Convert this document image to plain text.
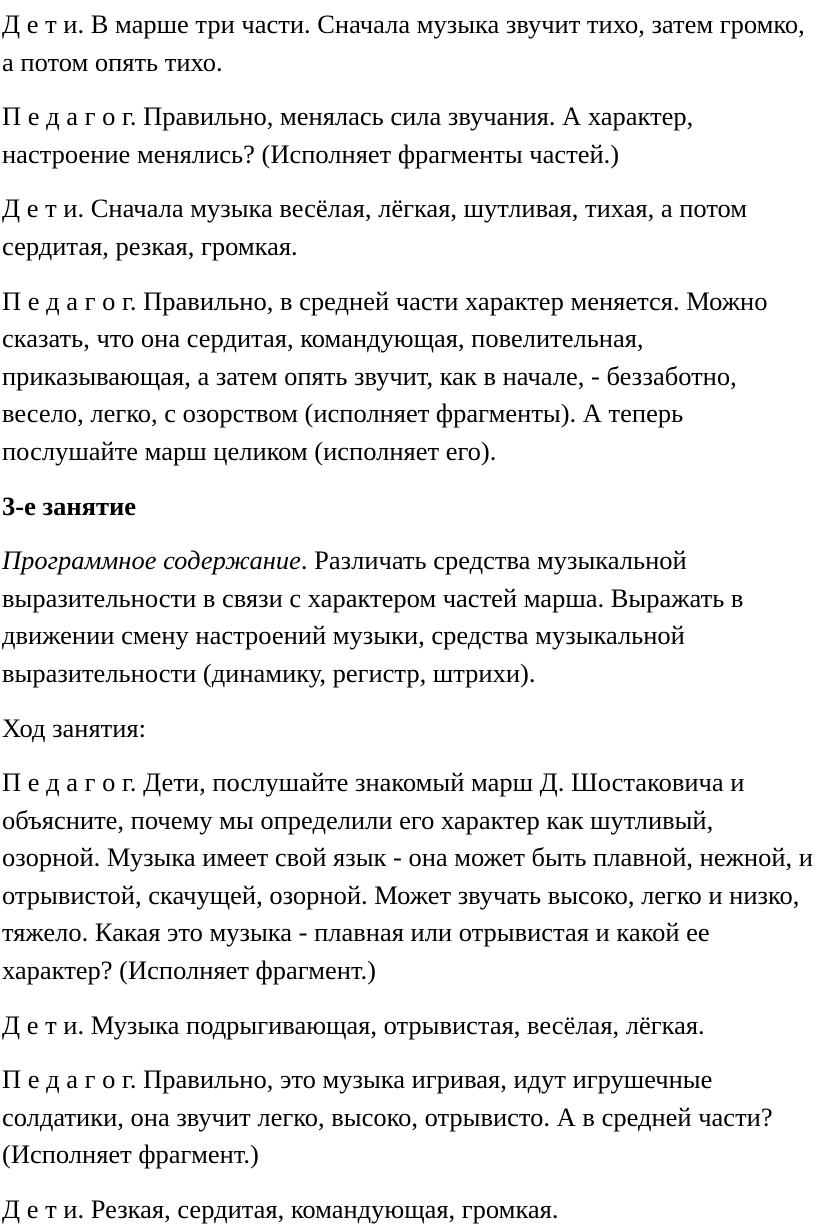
Д е т и. В марше три части. Сначала музыка звучит тихо, затем громко, а потом опять тихо.

П е д а г о г. Правильно, менялась сила звучания. А характер, настроение менялись? (Исполняет фрагменты частей.)

Д е т и. Сначала музыка весёлая, лёгкая, шутливая, тихая, а потом сердитая, резкая, громкая.

П е д а г о г. Правильно, в средней части характер меняется. Можно сказать, что она сердитая, командующая, повелительная, приказывающая, а затем опять звучит, как в начале, - беззаботно, весело, легко, с озорством (исполняет фрагменты). А теперь послушайте марш целиком (исполняет его).

3-е занятие

Программное содержание. Различать средства музыкальной выразительности в связи с характером частей марша. Выражать в движении смену настроений музыки, средства музыкальной выразительности (динамику, регистр, штрихи).

Ход занятия:

П е д а г о г. Дети, послушайте знакомый марш Д. Шостаковича и объясните, почему мы определили его характер как шутливый, озорной. Музыка имеет свой язык - она может быть плавной, нежной, и отрывистой, скачущей, озорной. Может звучать высоко, легко и низко, тяжело. Какая это музыка - плавная или отрывистая и какой ее характер? (Исполняет фрагмент.)

Д е т и. Музыка подрыгивающая, отрывистая, весёлая, лёгкая.

П е д а г о г. Правильно, это музыка игривая, идут игрушечные солдатики, она звучит легко, высоко, отрывисто. А в средней части? (Исполняет фрагмент.)

Д е т и. Резкая, сердитая, командующая, громкая.
